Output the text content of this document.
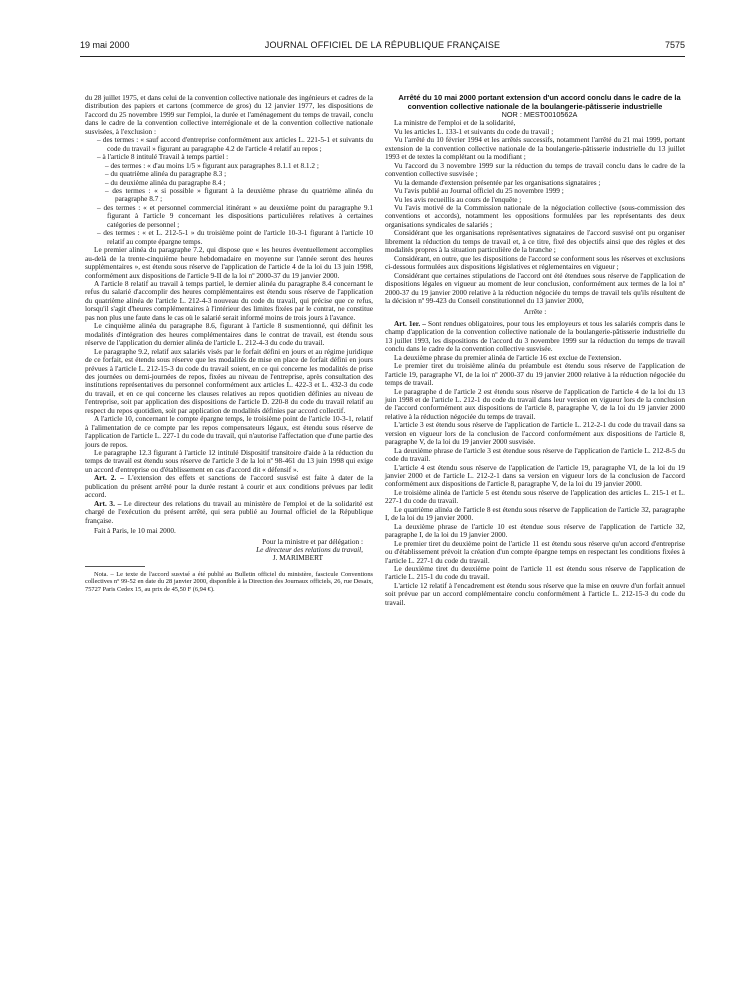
19 mai 2000	JOURNAL OFFICIEL DE LA RÉPUBLIQUE FRANÇAISE	7575

du 28 juillet 1975, et dans celui de la convention collective nationale des ingénieurs et cadres de la distribution des papiers et cartons (commerce de gros) du 12 janvier 1977, les dispositions de l'accord du 25 novembre 1999 sur l'emploi, la durée et l'aménagement du temps de travail, conclu dans le cadre de la convention collective interrégionale et de la convention collective nationale susvisées, à l'exclusion :

– des termes : « sauf accord d'entreprise conformément aux articles L. 221-5-1 et suivants du code du travail » figurant au paragraphe 4.2 de l'article 4 relatif au repos ;

– à l'article 8 intitulé Travail à temps partiel :

– des termes : « d'au moins 1/5 » figurant aux paragraphes 8.1.1 et 8.1.2 ;

– du quatrième alinéa du paragraphe 8.3 ;

– du deuxième alinéa du paragraphe 8.4 ;

– des termes : « si possible » figurant à la deuxième phrase du quatrième alinéa du paragraphe 8.7 ;

– des termes : « et personnel commercial itinérant » au deuxième point du paragraphe 9.1 figurant à l'article 9 concernant les dispositions particulières relatives à certaines catégories de personnel ;

– des termes : « et L. 212-5-1 » du troisième point de l'article 10-3-1 figurant à l'article 10 relatif au compte épargne temps.

Le premier alinéa du paragraphe 7.2, qui dispose que « les heures éventuellement accomplies au-delà de la trente-cinquième heure hebdomadaire en moyenne sur l'année seront des heures supplémentaires », est étendu sous réserve de l'application de l'article 4 de la loi du 13 juin 1998, conformément aux dispositions de l'article 9-II de la loi nº 2000-37 du 19 janvier 2000.

A l'article 8 relatif au travail à temps partiel, le dernier alinéa du paragraphe 8.4 concernant le refus du salarié d'accomplir des heures complémentaires est étendu sous réserve de l'application du quatrième alinéa de l'article L. 212-4-3 nouveau du code du travail, qui précise que ce refus, lorsqu'il s'agit d'heures complémentaires à l'intérieur des limites fixées par le contrat, ne constitue pas non plus une faute dans le cas où le salarié serait informé moins de trois jours à l'avance.

Le cinquième alinéa du paragraphe 8.6, figurant à l'article 8 susmentionné, qui définit les modalités d'intégration des heures complémentaires dans le contrat de travail, est étendu sous réserve de l'application du dernier alinéa de l'article L. 212-4-3 du code du travail.

Le paragraphe 9.2, relatif aux salariés visés par le forfait défini en jours et au régime juridique de ce forfait, est étendu sous réserve que les modalités de mise en place de forfait défini en jours prévues à l'article L. 212-15-3 du code du travail soient, en ce qui concerne les modalités de prise des journées ou demi-journées de repos, fixées au niveau de l'entreprise, après consultation des institutions représentatives du personnel conformément aux articles L. 422-3 et L. 432-3 du code du travail, et en ce qui concerne les clauses relatives au repos quotidien définies au niveau de l'entreprise, soit par application des dispositions de l'article D. 220-8 du code du travail relatif au respect du repos quotidien, soit par application de modalités définies par accord collectif.

A l'article 10, concernant le compte épargne temps, le troisième point de l'article 10-3-1, relatif à l'alimentation de ce compte par les repos compensateurs légaux, est étendu sous réserve de l'application de l'article L. 227-1 du code du travail, qui n'autorise l'affectation que d'une partie des jours de repos.

Le paragraphe 12.3 figurant à l'article 12 intitulé Dispositif transitoire d'aide à la réduction du temps de travail est étendu sous réserve de l'article 3 de la loi nº 98-461 du 13 juin 1998 qui exige un accord d'entreprise ou d'établissement en cas d'accord dit « défensif ».

Art. 2. – L'extension des effets et sanctions de l'accord susvisé est faite à dater de la publication du présent arrêté pour la durée restant à courir et aux conditions prévues par ledit accord.

Art. 3. – Le directeur des relations du travail au ministère de l'emploi et de la solidarité est chargé de l'exécution du présent arrêté, qui sera publié au Journal officiel de la République française.

Fait à Paris, le 10 mai 2000.

Pour la ministre et par délégation :

Le directeur des relations du travail,

J. MARIMBERT

Nota. – Le texte de l'accord susvisé a été publié au Bulletin officiel du ministère, fascicule Conventions collectives nº 99-52 en date du 28 janvier 2000, disponible à la Direction des Journaux officiels, 26, rue Desaix, 75727 Paris Cedex 15, au prix de 45,50 F (6,94 €).

Arrêté du 10 mai 2000 portant extension d'un accord conclu dans le cadre de la convention collective nationale de la boulangerie-pâtisserie industrielle

NOR : MEST0010562A

La ministre de l'emploi et de la solidarité,

Vu les articles L. 133-1 et suivants du code du travail ;

Vu l'arrêté du 10 février 1994 et les arrêtés successifs, notamment l'arrêté du 21 mai 1999, portant extension de la convention collective nationale de la boulangerie-pâtisserie industrielle du 13 juillet 1993 et de textes la complétant ou la modifiant ;

Vu l'accord du 3 novembre 1999 sur la réduction du temps de travail conclu dans le cadre de la convention collective susvisée ;

Vu la demande d'extension présentée par les organisations signataires ;

Vu l'avis publié au Journal officiel du 25 novembre 1999 ;

Vu les avis recueillis au cours de l'enquête ;

Vu l'avis motivé de la Commission nationale de la négociation collective (sous-commission des conventions et accords), notamment les oppositions formulées par les représentants des deux organisations syndicales de salariés ;

Considérant que les organisations représentatives signataires de l'accord susvisé ont pu organiser librement la réduction du temps de travail et, à ce titre, fixé des objectifs ainsi que des règles et des modalités propres à la situation particulière de la branche ;

Considérant, en outre, que les dispositions de l'accord se conforment sous les réserves et exclusions ci-dessous formulées aux dispositions législatives et réglementaires en vigueur ;

Considérant que certaines stipulations de l'accord ont été étendues sous réserve de l'application de dispositions légales en vigueur au moment de leur conclusion, conformément aux termes de la loi nº 2000-37 du 19 janvier 2000 relative à la réduction négociée du temps de travail tels qu'ils résultent de la décision nº 99-423 du Conseil constitutionnel du 13 janvier 2000,

Arrête :

Art. 1er. – Sont rendues obligatoires, pour tous les employeurs et tous les salariés compris dans le champ d'application de la convention collective nationale de la boulangerie-pâtisserie industrielle du 13 juillet 1993, les dispositions de l'accord du 3 novembre 1999 sur la réduction du temps de travail conclu dans le cadre de la convention collective susvisée.

La deuxième phrase du premier alinéa de l'article 16 est exclue de l'extension.

Le premier tiret du troisième alinéa du préambule est étendu sous réserve de l'application de l'article 19, paragraphe VI, de la loi nº 2000-37 du 19 janvier 2000 relative à la réduction négociée du temps de travail.

Le paragraphe d de l'article 2 est étendu sous réserve de l'application de l'article 4 de la loi du 13 juin 1998 et de l'article L. 212-1 du code du travail dans leur version en vigueur lors de la conclusion de l'accord conformément aux dispositions de l'article 8, paragraphe V, de la loi du 19 janvier 2000 relative à la réduction négociée du temps de travail.

L'article 3 est étendu sous réserve de l'application de l'article L. 212-2-1 du code du travail dans sa version en vigueur lors de la conclusion de l'accord conformément aux dispositions de l'article 8, paragraphe V, de la loi du 19 janvier 2000 susvisée.

La deuxième phrase de l'article 3 est étendue sous réserve de l'application de l'article L. 212-8-5 du code du travail.

L'article 4 est étendu sous réserve de l'application de l'article 19, paragraphe VI, de la loi du 19 janvier 2000 et de l'article L. 212-2-1 dans sa version en vigueur lors de la conclusion de l'accord conformément aux dispositions de l'article 8, paragraphe V, de la loi du 19 janvier 2000.

Le troisième alinéa de l'article 5 est étendu sous réserve de l'application des articles L. 215-1 et L. 227-1 du code du travail.

Le quatrième alinéa de l'article 8 est étendu sous réserve de l'application de l'article 32, paragraphe I, de la loi du 19 janvier 2000.

La deuxième phrase de l'article 10 est étendue sous réserve de l'application de l'article 32, paragraphe I, de la loi du 19 janvier 2000.

Le premier tiret du deuxième point de l'article 11 est étendu sous réserve qu'un accord d'entreprise ou d'établissement prévoit la création d'un compte épargne temps en respectant les conditions fixées à l'article L. 227-1 du code du travail.

Le deuxième tiret du deuxième point de l'article 11 est étendu sous réserve de l'application de l'article L. 215-1 du code du travail.

L'article 12 relatif à l'encadrement est étendu sous réserve que la mise en œuvre d'un forfait annuel soit prévue par un accord complémentaire conclu conformément à l'article L. 212-15-3 du code du travail.
